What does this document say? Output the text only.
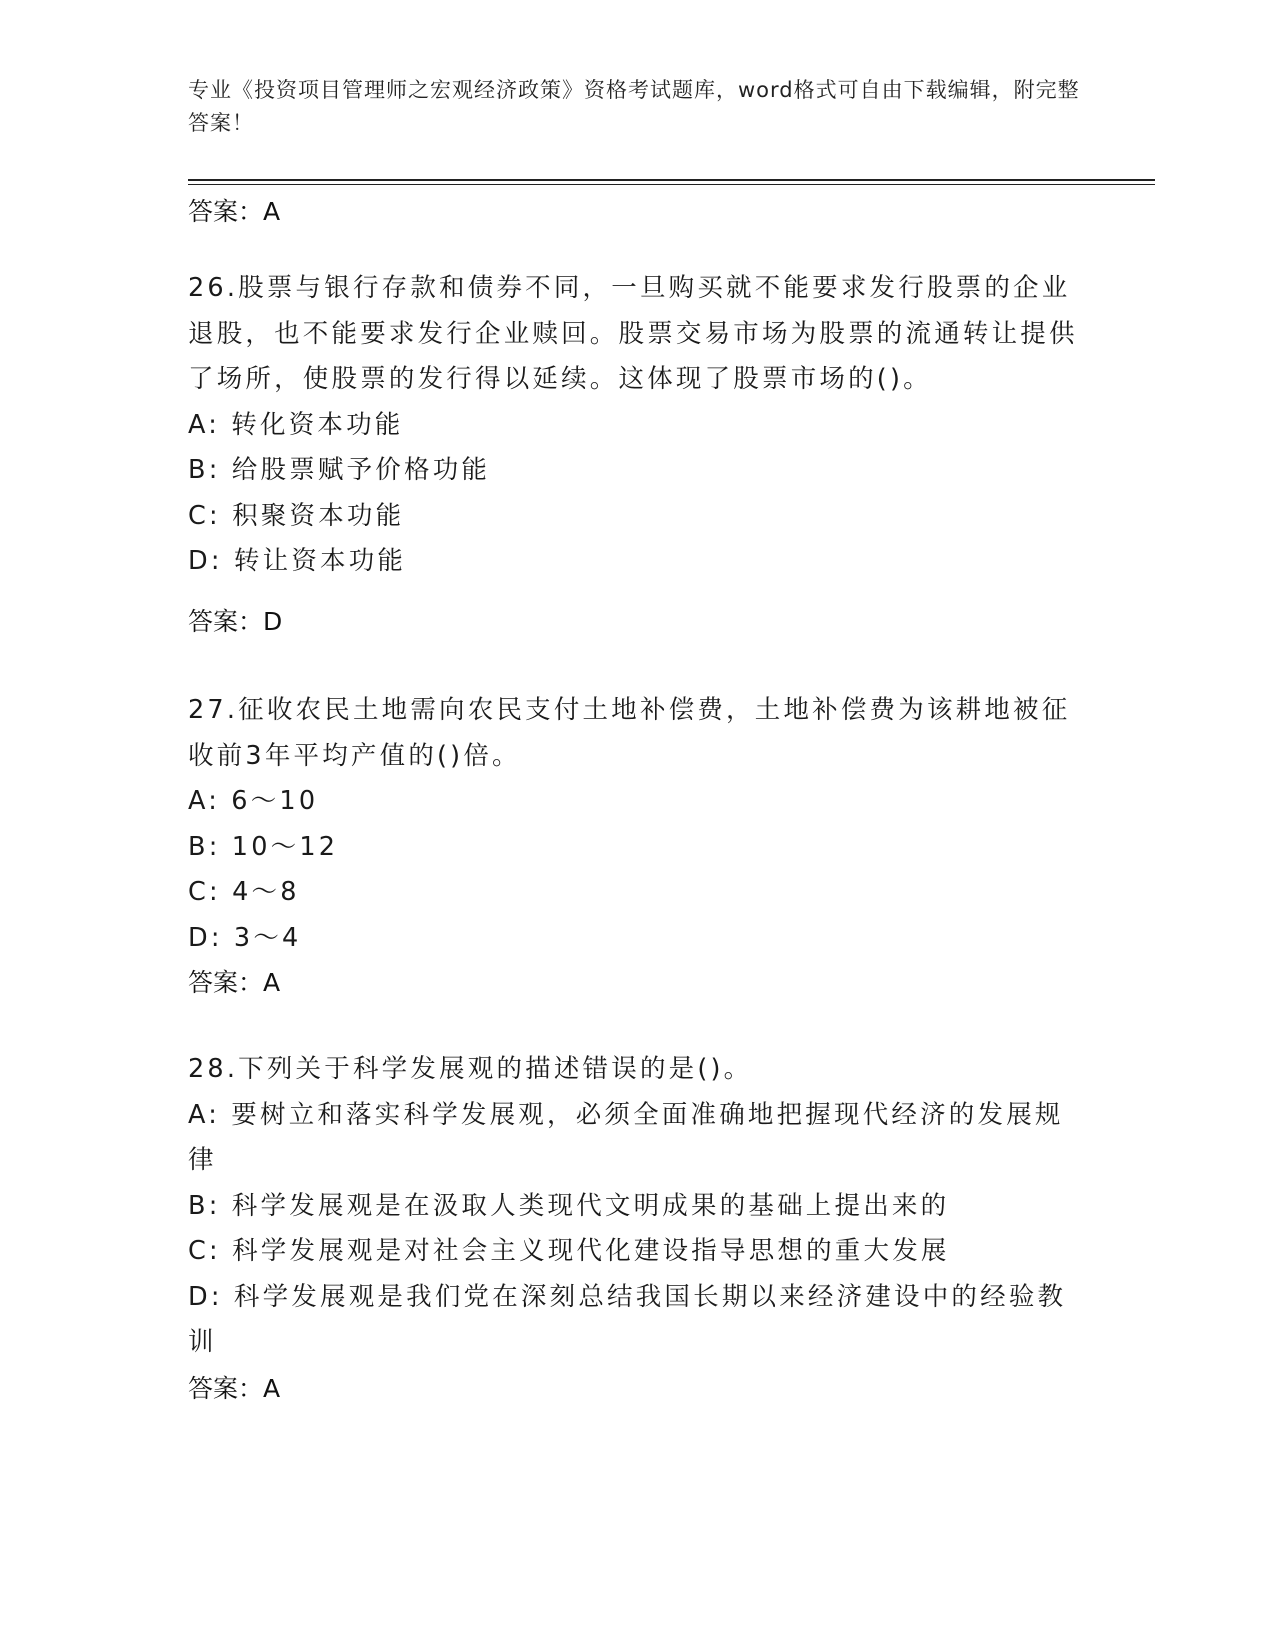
专业《投资项目管理师之宏观经济政策》资格考试题库，word格式可自由下载编辑，附完整答案！
答案：A
26.股票与银行存款和债券不同，一旦购买就不能要求发行股票的企业退股，也不能要求发行企业赎回。股票交易市场为股票的流通转让提供了场所，使股票的发行得以延续。这体现了股票市场的()。
A: 转化资本功能
B: 给股票赋予价格功能
C: 积聚资本功能
D: 转让资本功能
答案：D
27.征收农民土地需向农民支付土地补偿费，土地补偿费为该耕地被征收前3年平均产值的()倍。
A: 6～10
B: 10～12
C: 4～8
D: 3～4
答案：A
28.下列关于科学发展观的描述错误的是()。
A: 要树立和落实科学发展观，必须全面准确地把握现代经济的发展规律
B: 科学发展观是在汲取人类现代文明成果的基础上提出来的
C: 科学发展观是对社会主义现代化建设指导思想的重大发展
D: 科学发展观是我们党在深刻总结我国长期以来经济建设中的经验教训
答案：A
